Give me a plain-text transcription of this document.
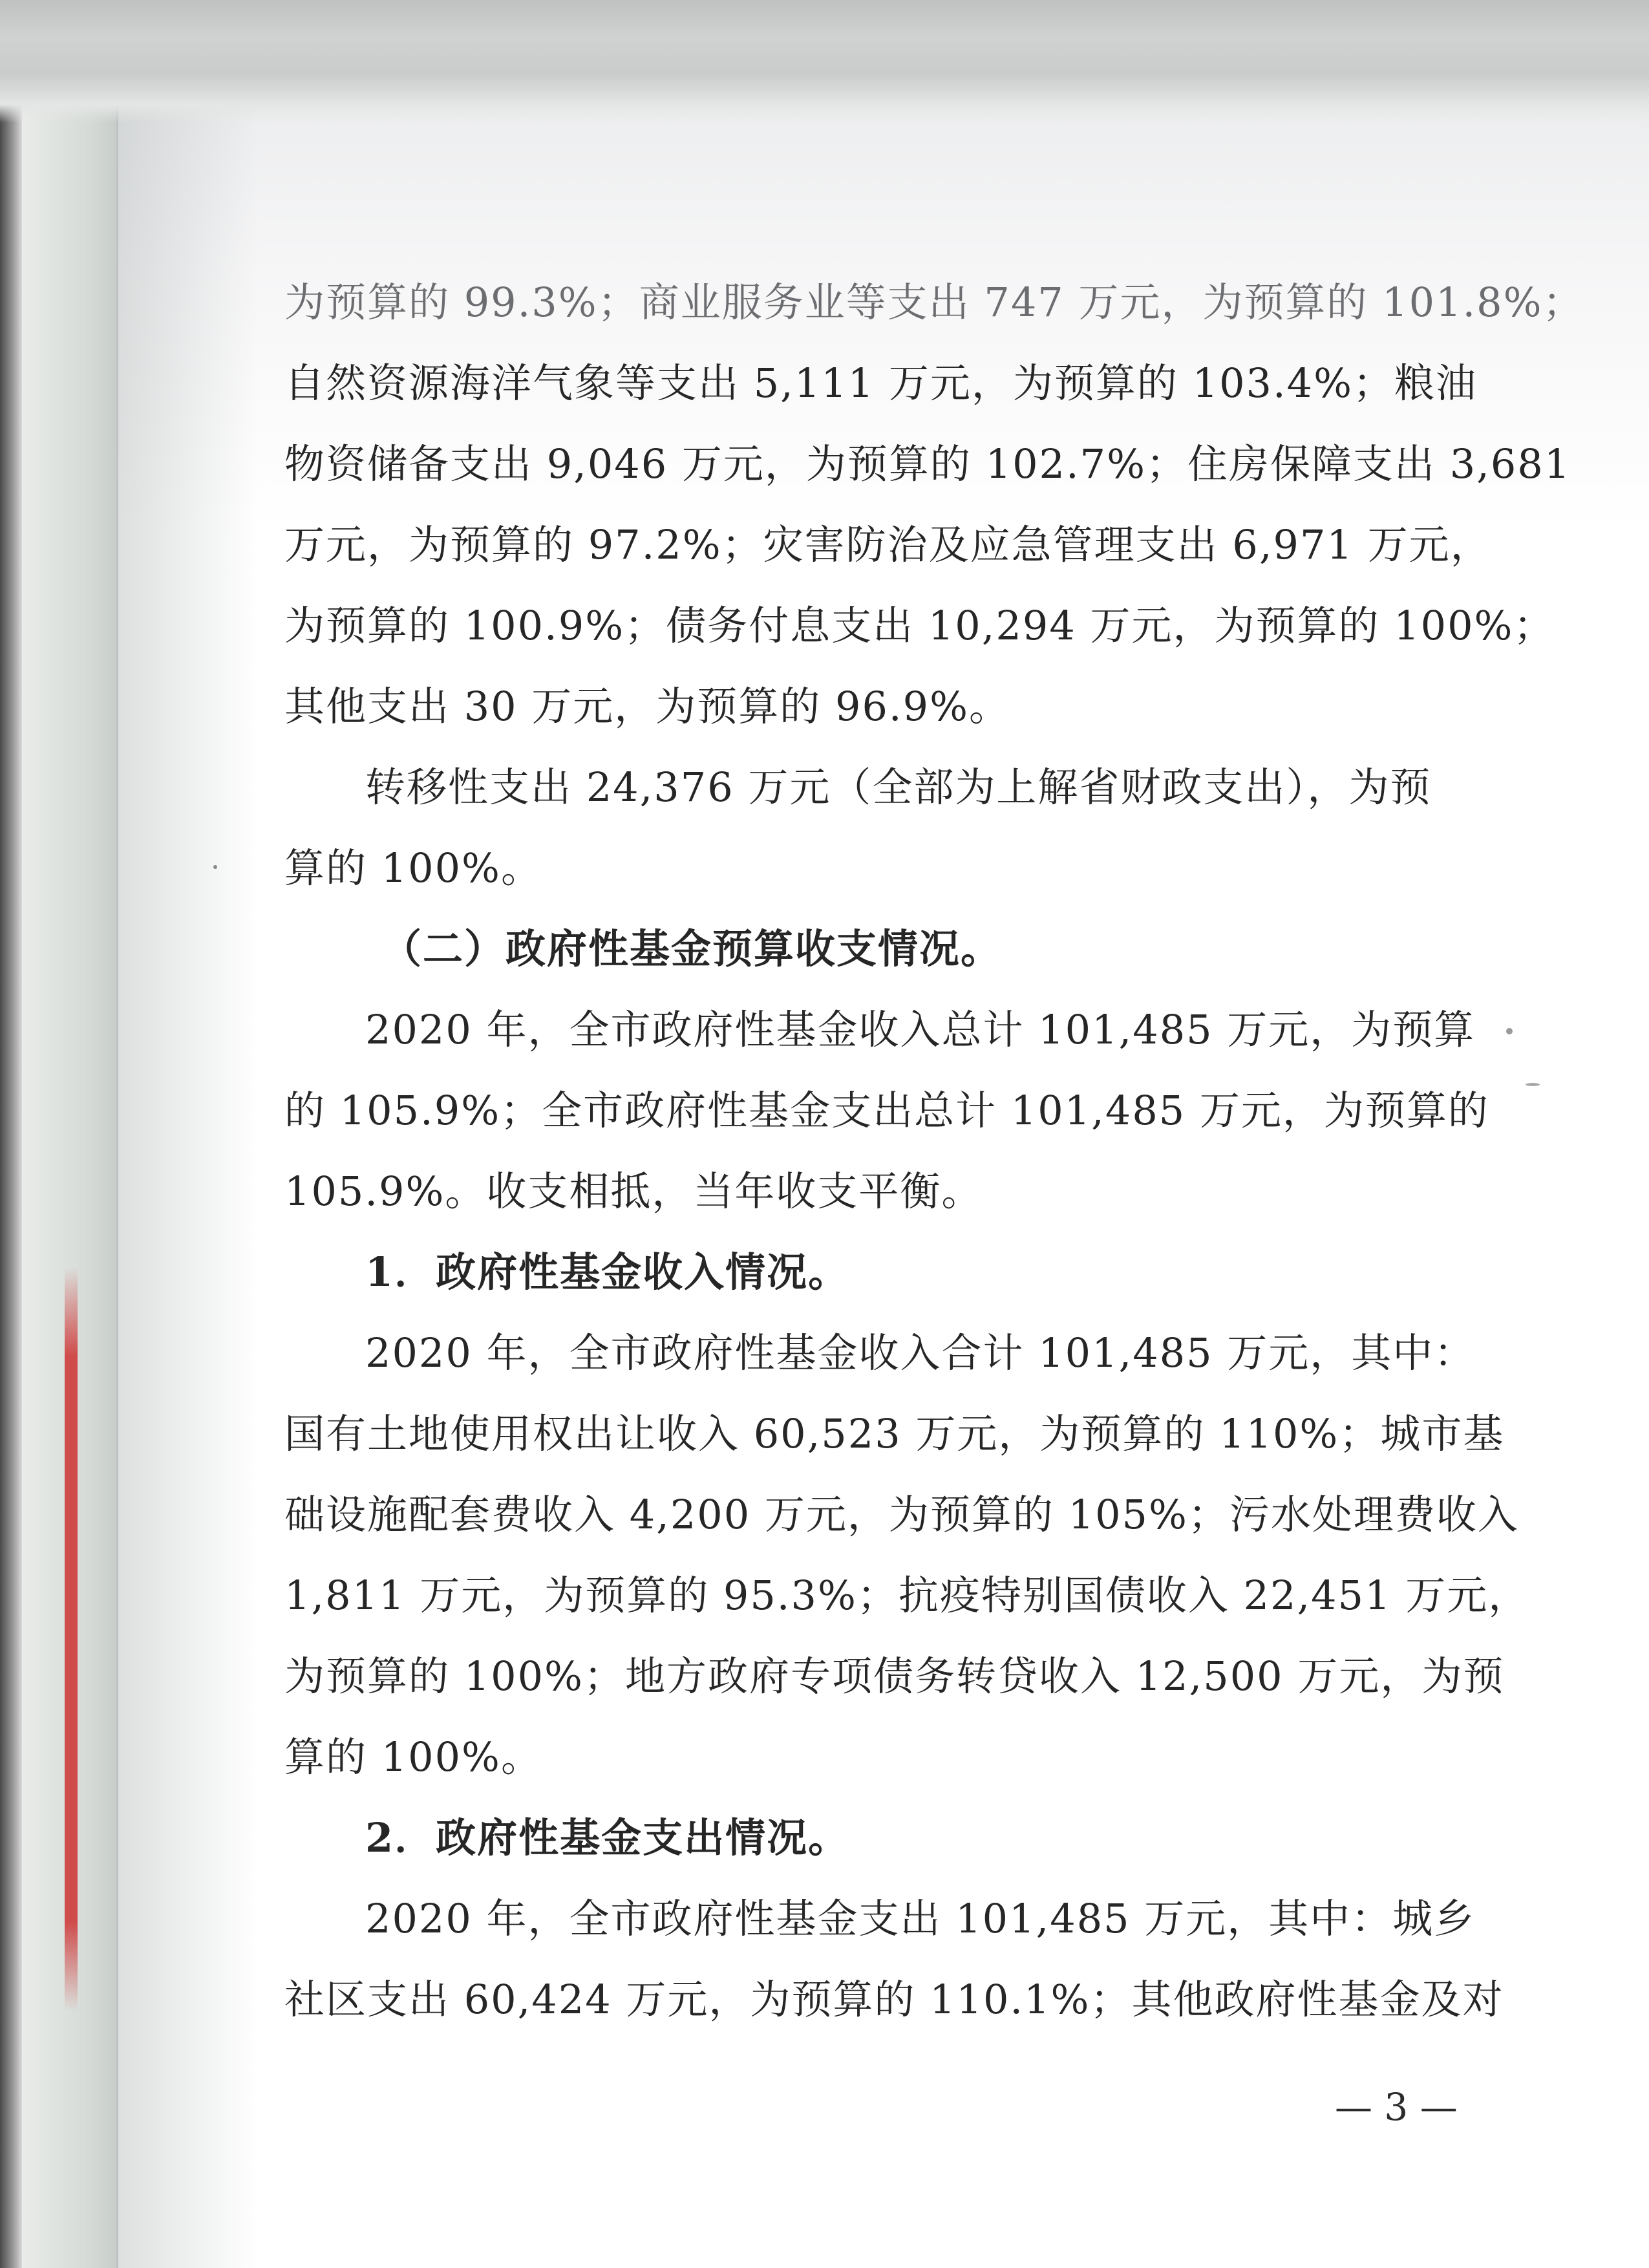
为预算的 99.3%；商业服务业等支出 747 万元，为预算的 101.8%；
自然资源海洋气象等支出 5,111 万元，为预算的 103.4%；粮油
物资储备支出 9,046 万元，为预算的 102.7%；住房保障支出 3,681
万元，为预算的 97.2%；灾害防治及应急管理支出 6,971 万元，
为预算的 100.9%；债务付息支出 10,294 万元，为预算的 100%；
其他支出 30 万元，为预算的 96.9%。
转移性支出 24,376 万元（全部为上解省财政支出），为预
算的 100%。
（二）政府性基金预算收支情况。
2020 年，全市政府性基金收入总计 101,485 万元，为预算
的 105.9%；全市政府性基金支出总计 101,485 万元，为预算的
105.9%。收支相抵，当年收支平衡。
1．政府性基金收入情况。
2020 年，全市政府性基金收入合计 101,485 万元，其中：
国有土地使用权出让收入 60,523 万元，为预算的 110%；城市基
础设施配套费收入 4,200 万元，为预算的 105%；污水处理费收入
1,811 万元，为预算的 95.3%；抗疫特别国债收入 22,451 万元，
为预算的 100%；地方政府专项债务转贷收入 12,500 万元，为预
算的 100%。
2．政府性基金支出情况。
2020 年，全市政府性基金支出 101,485 万元，其中：城乡
社区支出 60,424 万元，为预算的 110.1%；其他政府性基金及对
— 3 —
